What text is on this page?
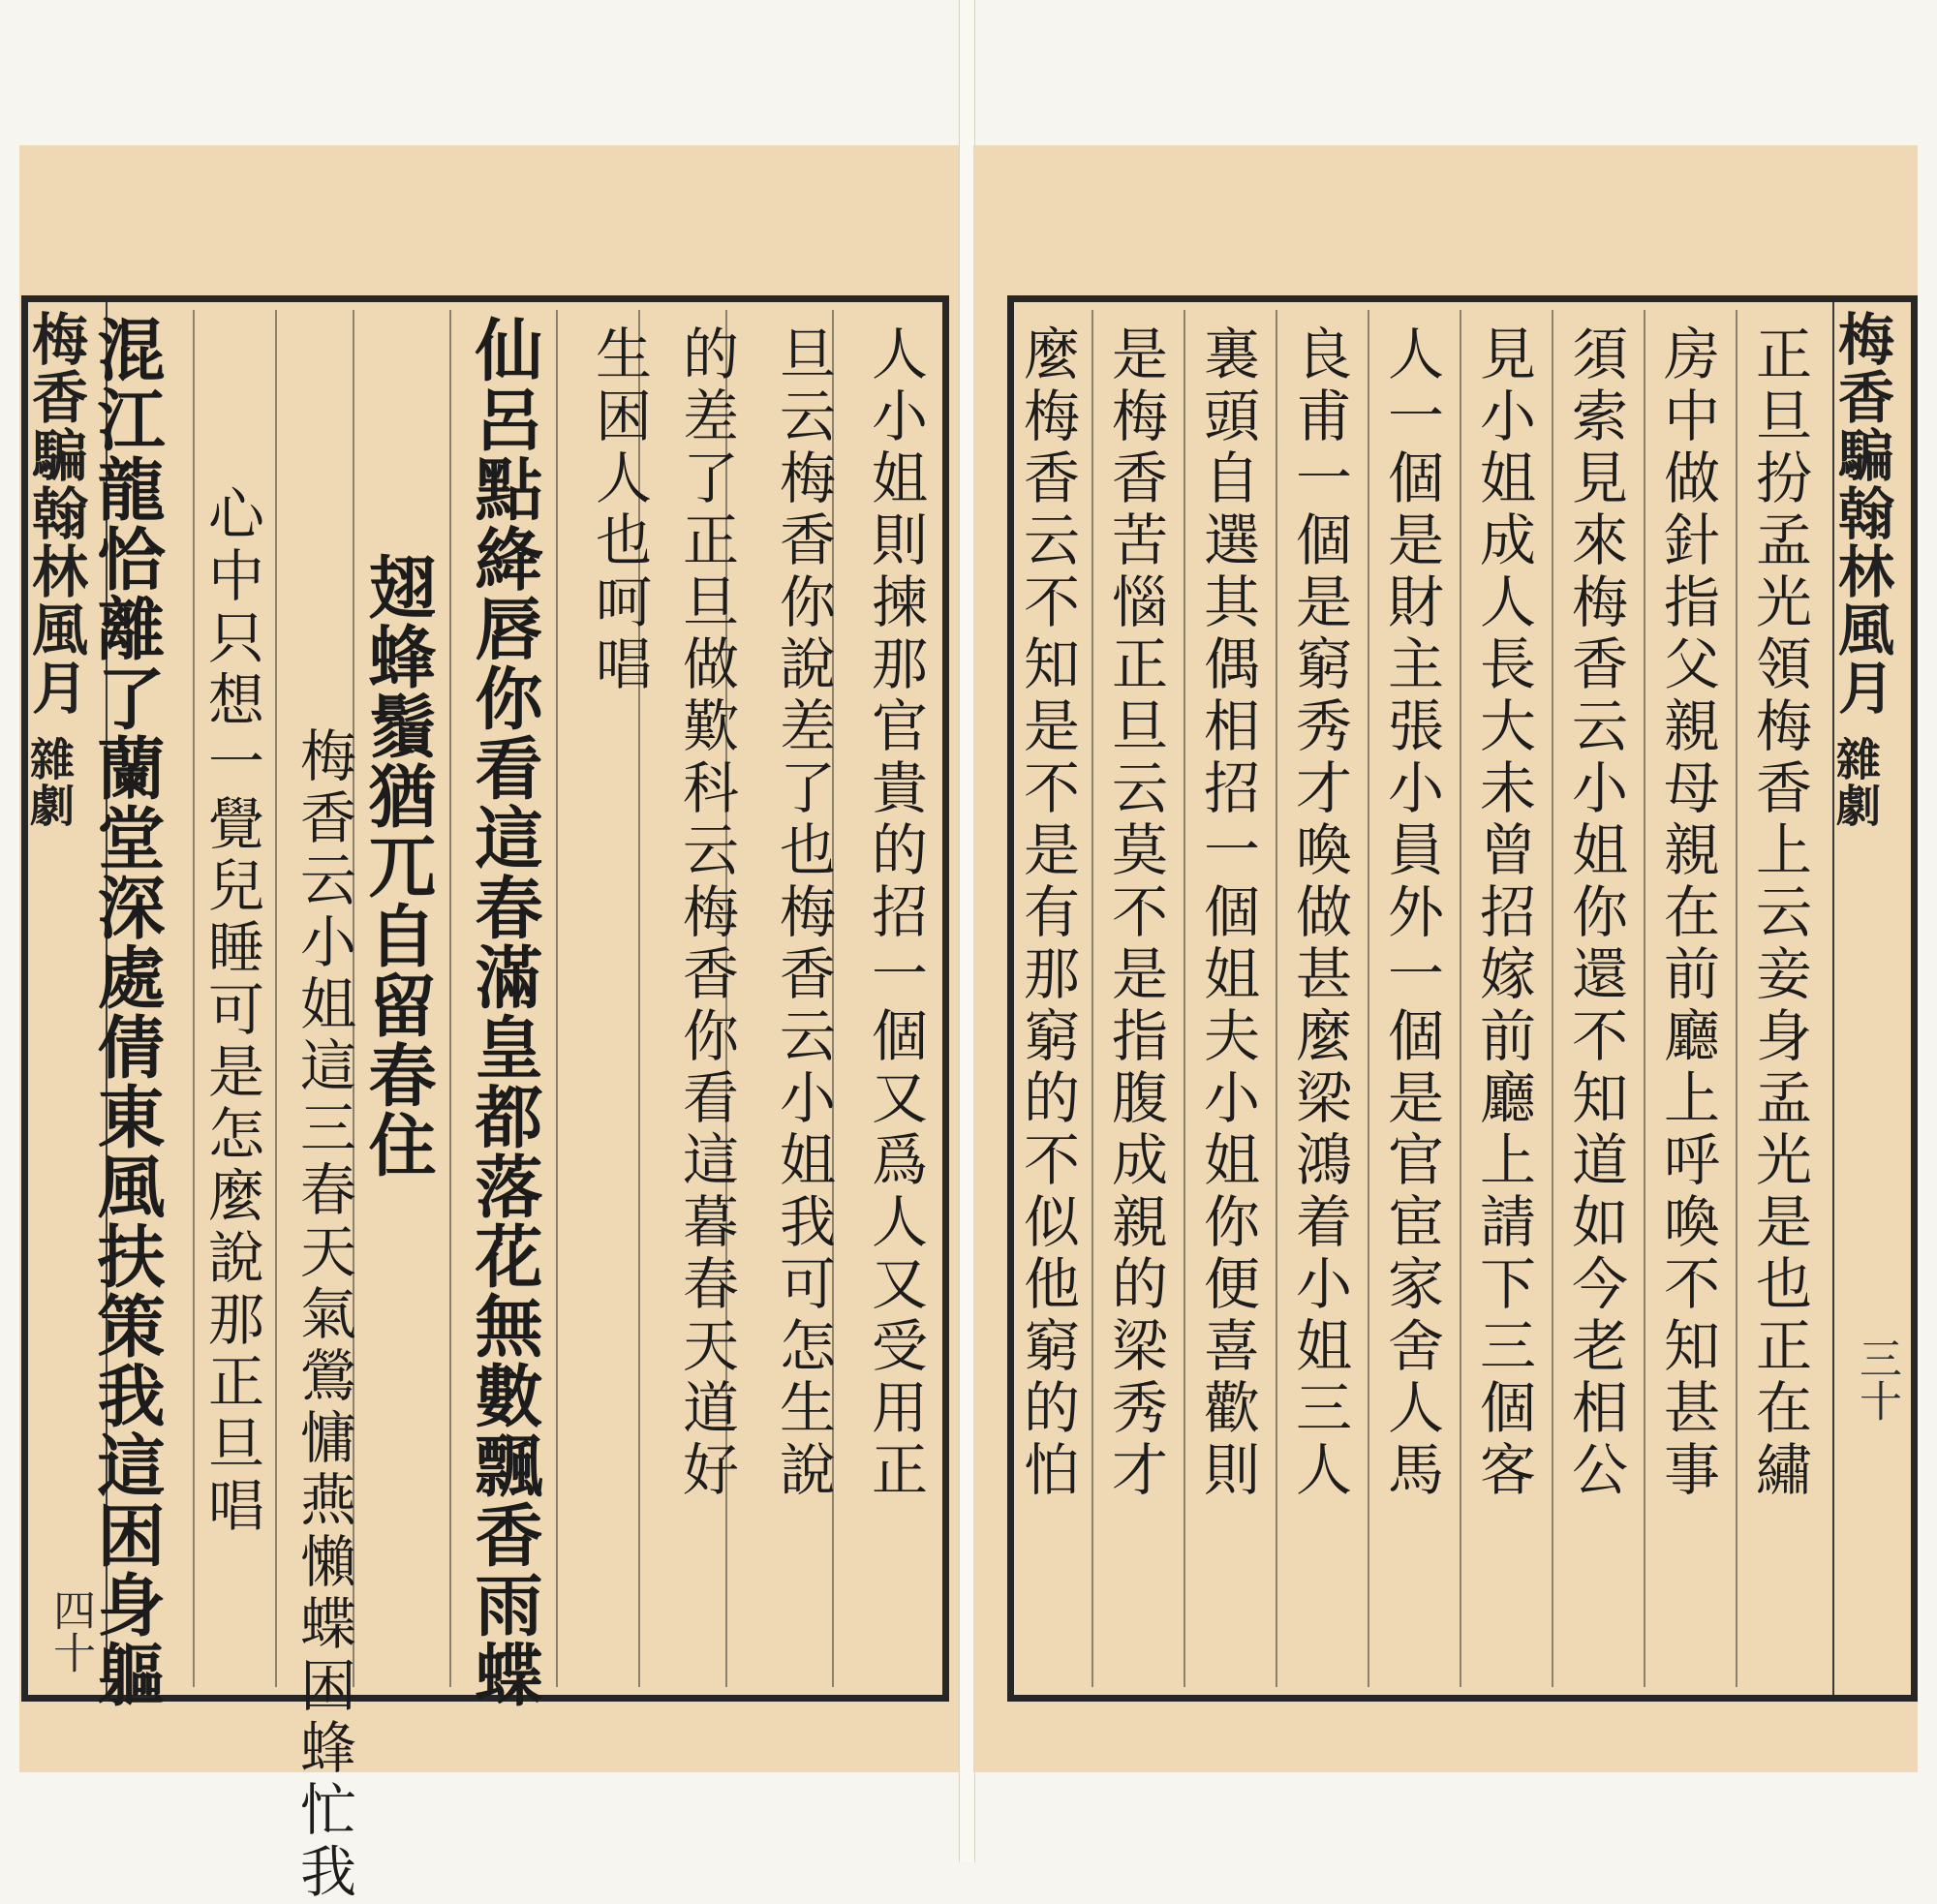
梅香騙翰林風月
雜劇
四十
人小姐則揀那官貴的招一個又爲人又受用正
旦云梅香你說差了也梅香云小姐我可怎生說
的差了正旦做歎科云梅香你看這暮春天道好
生困人也呵唱
仙呂點絳唇你看這春滿皇都落花無數飄香雨蝶
翅蜂鬚猶兀自留春住
梅香云小姐這三春天氣鶯慵燕懶蝶困蜂忙我
心中只想一覺兒睡可是怎麼說那正旦唱
混江龍恰離了蘭堂深處倩東風扶策我這困身軀	梅香騙翰林風月
雜劇
三十
正旦扮孟光領梅香上云妾身孟光是也正在繡
房中做針指父親母親在前廳上呼喚不知甚事
須索見來梅香云小姐你還不知道如今老相公
見小姐成人長大未曾招嫁前廳上請下三個客
人一個是財主張小員外一個是官宦家舍人馬
良甫一個是窮秀才喚做甚麼梁鴻着小姐三人
裏頭自選其偶相招一個姐夫小姐你便喜歡則
是梅香苦惱正旦云莫不是指腹成親的梁秀才
麼梅香云不知是不是有那窮的不似他窮的怕
